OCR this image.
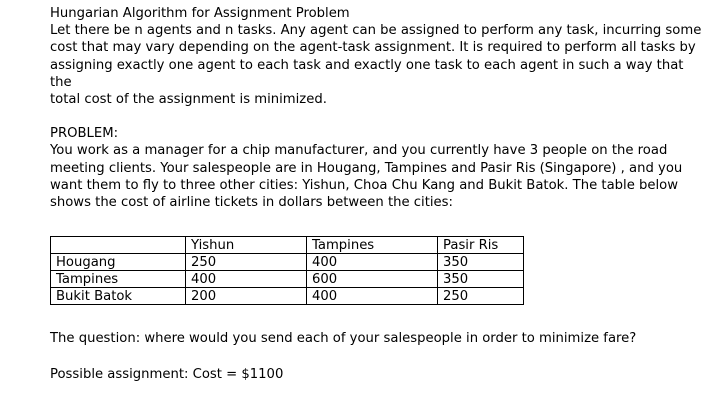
Hungarian Algorithm for Assignment Problem

Let there be n agents and n tasks. Any agent can be assigned to perform any task, incurring some

cost that may vary depending on the agent-task assignment. It is required to perform all tasks by

assigning exactly one agent to each task and exactly one task to each agent in such a way that the

total cost of the assignment is minimized.

PROBLEM:

You work as a manager for a chip manufacturer, and you currently have 3 people on the road

meeting clients. Your salespeople are in Hougang, Tampines and Pasir Ris (Singapore) , and you

want them to fly to three other cities: Yishun, Choa Chu Kang and Bukit Batok. The table below

shows the cost of airline tickets in dollars between the cities:

	Yishun	Tampines	Pasir Ris
Hougang	250	400	350
Tampines	400	600	350
Bukit Batok	200	400	250

The question: where would you send each of your salespeople in order to minimize fare?

Possible assignment: Cost = $1100
